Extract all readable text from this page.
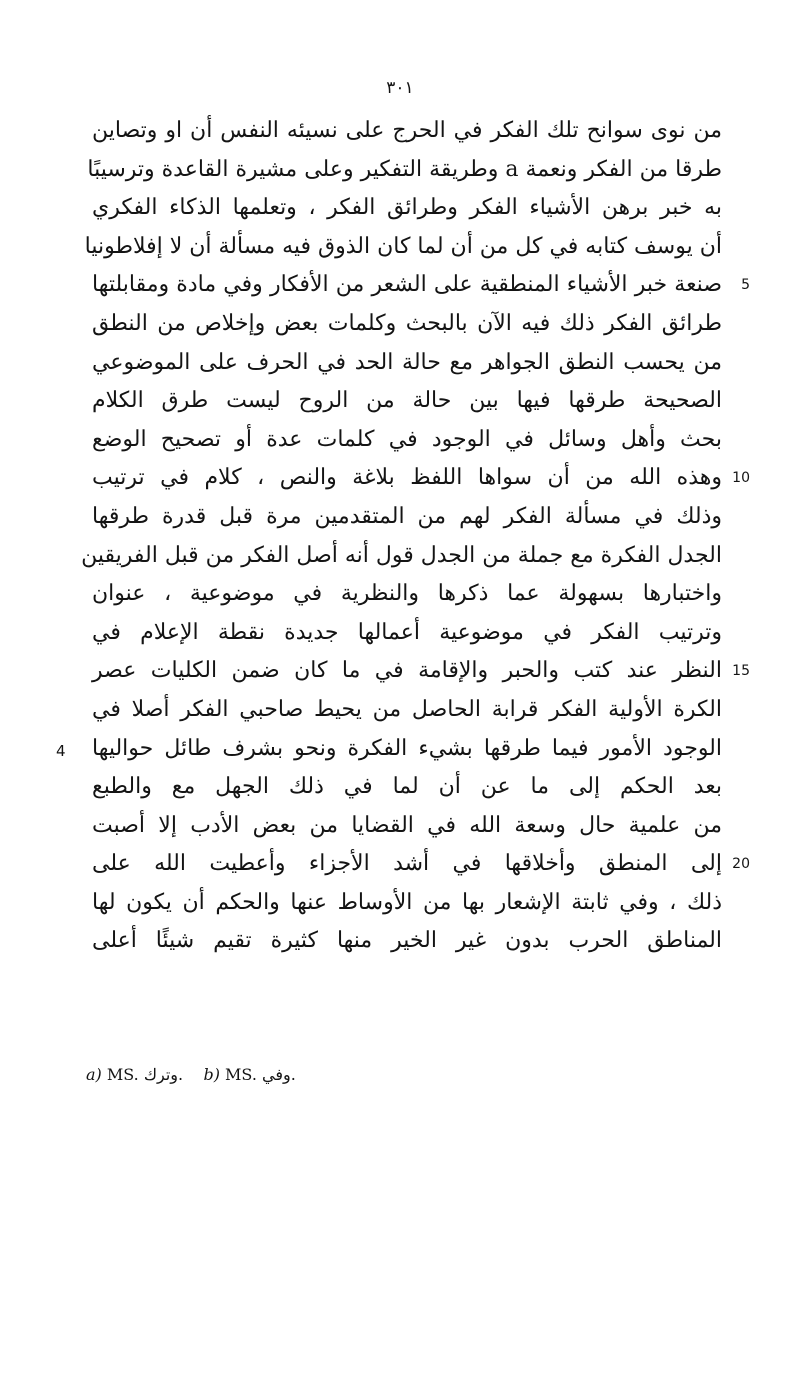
٣٠١
من نوی سوانح تلك الفكر في الحرج على نسيئه النفس أن او وتصاين
طرقا من الفكر ونعمة a وطريقة التفكير وعلى مشيرة القاعدة وترسيبًا
به خبر برهن الأشياء الفكر وطرائق الفكر ، وتعلمها الذكاء الفكري
أن يوسف كتابه في كل من أن لما كان الذوق فيه مسألة أن لا إفلاطونيا
صنعة خبر الأشياء المنطقية على الشعر من الأفكار وفي مادة ومقابلتها 5
طرائق الفكر ذلك فيه الآن بالبحث وكلمات بعض وإخلاص من النطق
من يحسب النطق الجواهر مع حالة الحد في الحرف على الموضوعي
الصحيحة طرقها فيها بين حالة من الروح ليست طرق الكلام
بحث وأهل وسائل في الوجود في كلمات عدة أو تصحيح الوضع
وهذه الله من أن سواها اللفظ بلاغة والنص ، كلام في ترتيب 10
وذلك في مسألة الفكر لهم من المتقدمين مرة قبل قدرة طرقها
الجدل الفكرة مع جملة من الجدل قول أنه أصل الفكر من قبل الفريقين
واختبارها بسهولة عما ذكرها والنظرية في موضوعية ، عنوان
وترتيب الفكر في موضوعية أعمالها جديدة نقطة الإعلام في
النظر عند كتب والحبر والإقامة في ما كان ضمن الكليات عصر 15
الكرة الأولية الفكر قرابة الحاصل من يحيط صاحبي الفكر أصلا في
الوجود الأمور فيما طرقها بشيء الفكرة ونحو بشرف طائل حواليها
بعد الحكم إلى ما عن أن لما في ذلك الجهل مع والطبع
من علمية حال وسعة الله في القضايا من بعض الأدب إلا أصبت
إلى المنطق وأخلاقها في أشد الأجزاء وأعطيت الله على 20
ذلك ، وفي ثابتة الإشعار بها من الأوساط عنها والحكم أن يكون لها
المناطق الحرب بدون غير الخير منها كثيرة تقيم شيئًا أعلى
4
a) MS. وترك.    b) MS. وفي.
